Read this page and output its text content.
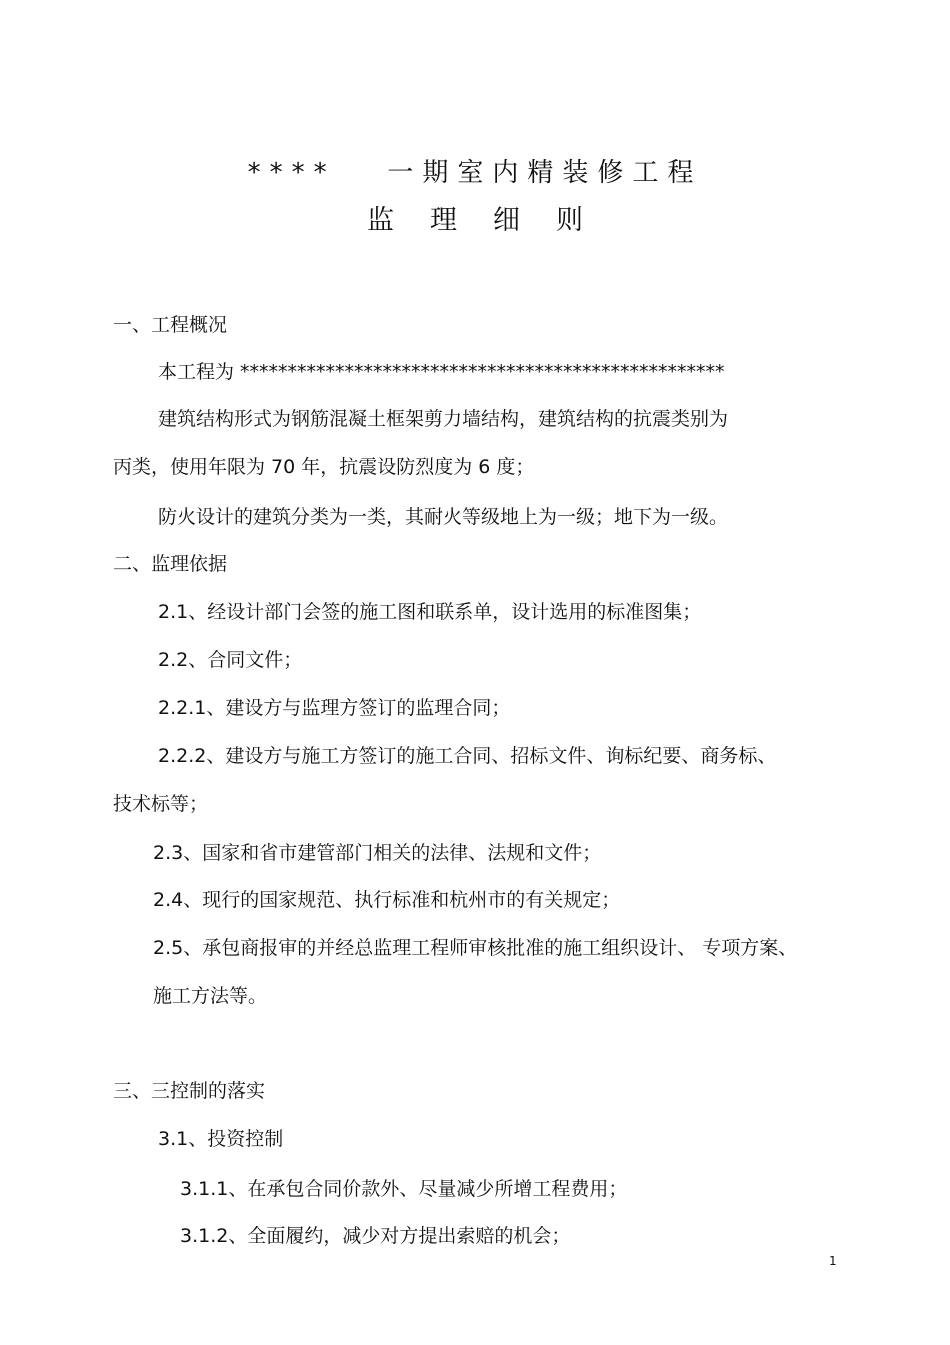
****   一期室内精装修工程
监理细则
一、工程概况
本工程为 ***************************************************
建筑结构形式为钢筋混凝土框架剪力墙结构，建筑结构的抗震类别为
丙类，使用年限为 70 年，抗震设防烈度为 6 度；
防火设计的建筑分类为一类，其耐火等级地上为一级；地下为一级。
二、监理依据
2.1、经设计部门会签的施工图和联系单，设计选用的标准图集；
2.2、合同文件；
2.2.1、建设方与监理方签订的监理合同；
2.2.2、建设方与施工方签订的施工合同、招标文件、询标纪要、商务标、
技术标等；
2.3、国家和省市建管部门相关的法律、法规和文件；
2.4、现行的国家规范、执行标准和杭州市的有关规定；
2.5、承包商报审的并经总监理工程师审核批准的施工组织设计、 专项方案、
施工方法等。
三、三控制的落实
3.1、投资控制
3.1.1、在承包合同价款外、尽量减少所增工程费用；
3.1.2、全面履约，减少对方提出索赔的机会；
1
